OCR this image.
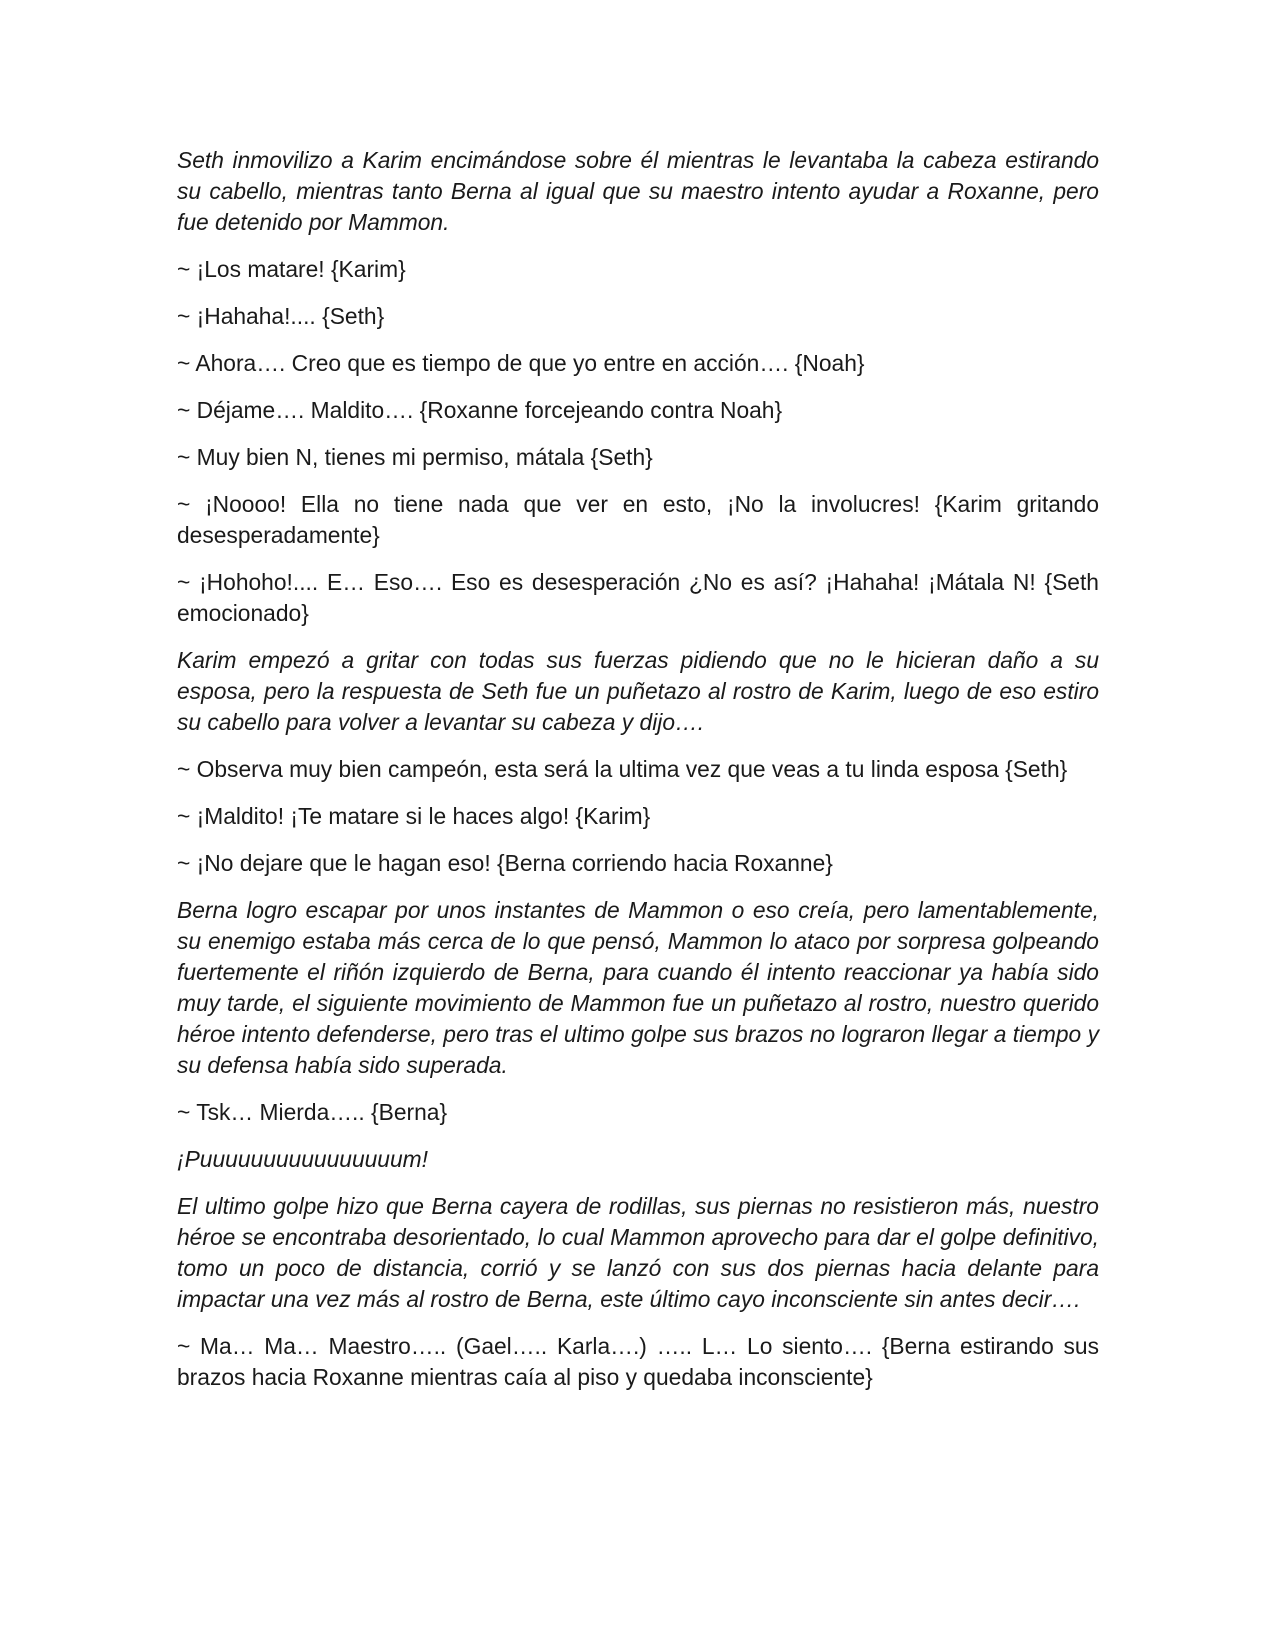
Seth inmovilizo a Karim encimándose sobre él mientras le levantaba la cabeza estirando su cabello, mientras tanto Berna al igual que su maestro intento ayudar a Roxanne, pero fue detenido por Mammon.

~ ¡Los matare! {Karim}

~ ¡Hahaha!.... {Seth}

~ Ahora…. Creo que es tiempo de que yo entre en acción…. {Noah}

~ Déjame…. Maldito…. {Roxanne forcejeando contra Noah}

~ Muy bien N, tienes mi permiso, mátala {Seth}

~ ¡Noooo! Ella no tiene nada que ver en esto, ¡No la involucres! {Karim gritando desesperadamente}

~ ¡Hohoho!.... E… Eso…. Eso es desesperación ¿No es así? ¡Hahaha! ¡Mátala N! {Seth emocionado}

Karim empezó a gritar con todas sus fuerzas pidiendo que no le hicieran daño a su esposa, pero la respuesta de Seth fue un puñetazo al rostro de Karim, luego de eso estiro su cabello para volver a levantar su cabeza y dijo….

~ Observa muy bien campeón, esta será la ultima vez que veas a tu linda esposa {Seth}

~ ¡Maldito! ¡Te matare si le haces algo! {Karim}

~ ¡No dejare que le hagan eso! {Berna corriendo hacia Roxanne}

Berna logro escapar por unos instantes de Mammon o eso creía, pero lamentablemente, su enemigo estaba más cerca de lo que pensó, Mammon lo ataco por sorpresa golpeando fuertemente el riñón izquierdo de Berna, para cuando él intento reaccionar ya había sido muy tarde, el siguiente movimiento de Mammon fue un puñetazo al rostro, nuestro querido héroe intento defenderse, pero tras el ultimo golpe sus brazos no lograron llegar a tiempo y su defensa había sido superada.

~ Tsk… Mierda….. {Berna}

¡Puuuuuuuuuuuuuuuum!

El ultimo golpe hizo que Berna cayera de rodillas, sus piernas no resistieron más, nuestro héroe se encontraba desorientado, lo cual Mammon aprovecho para dar el golpe definitivo, tomo un poco de distancia, corrió y se lanzó con sus dos piernas hacia delante para impactar una vez más al rostro de Berna, este último cayo inconsciente sin antes decir….

~ Ma… Ma… Maestro….. (Gael….. Karla….) ….. L… Lo siento…. {Berna estirando sus brazos hacia Roxanne mientras caía al piso y quedaba inconsciente}
